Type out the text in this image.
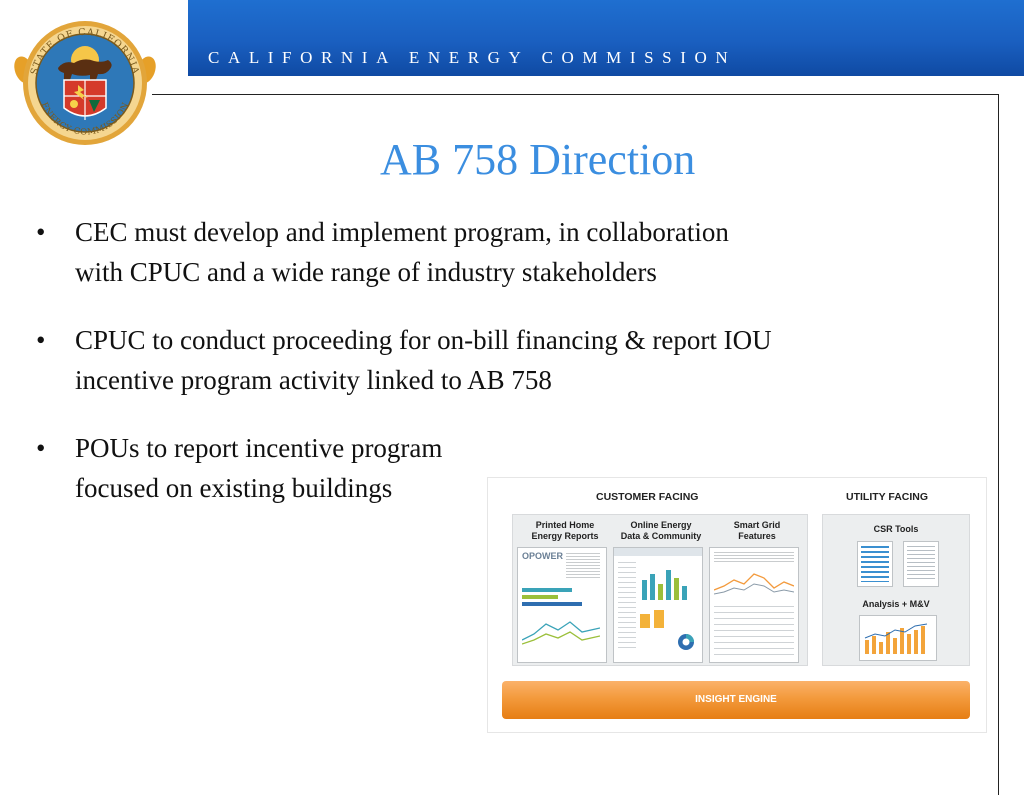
CALIFORNIA ENERGY COMMISSION
STATE OF CALIFORNIA
ENERGY COMMISSION
AB 758 Direction
• CEC must develop and implement program, in collaboration with CPUC and a wide range of industry stakeholders
• CPUC to conduct proceeding for on-bill financing & report IOU incentive program activity linked to AB 758
• POUs to report incentive program focused on existing buildings	CUSTOMER FACING	UTILITY FACING
Printed Home
Energy Reports
Online Energy
Data & Community
Smart Grid
Features
OPOWER
CSR Tools
Analysis + M&V
INSIGHT ENGINE
